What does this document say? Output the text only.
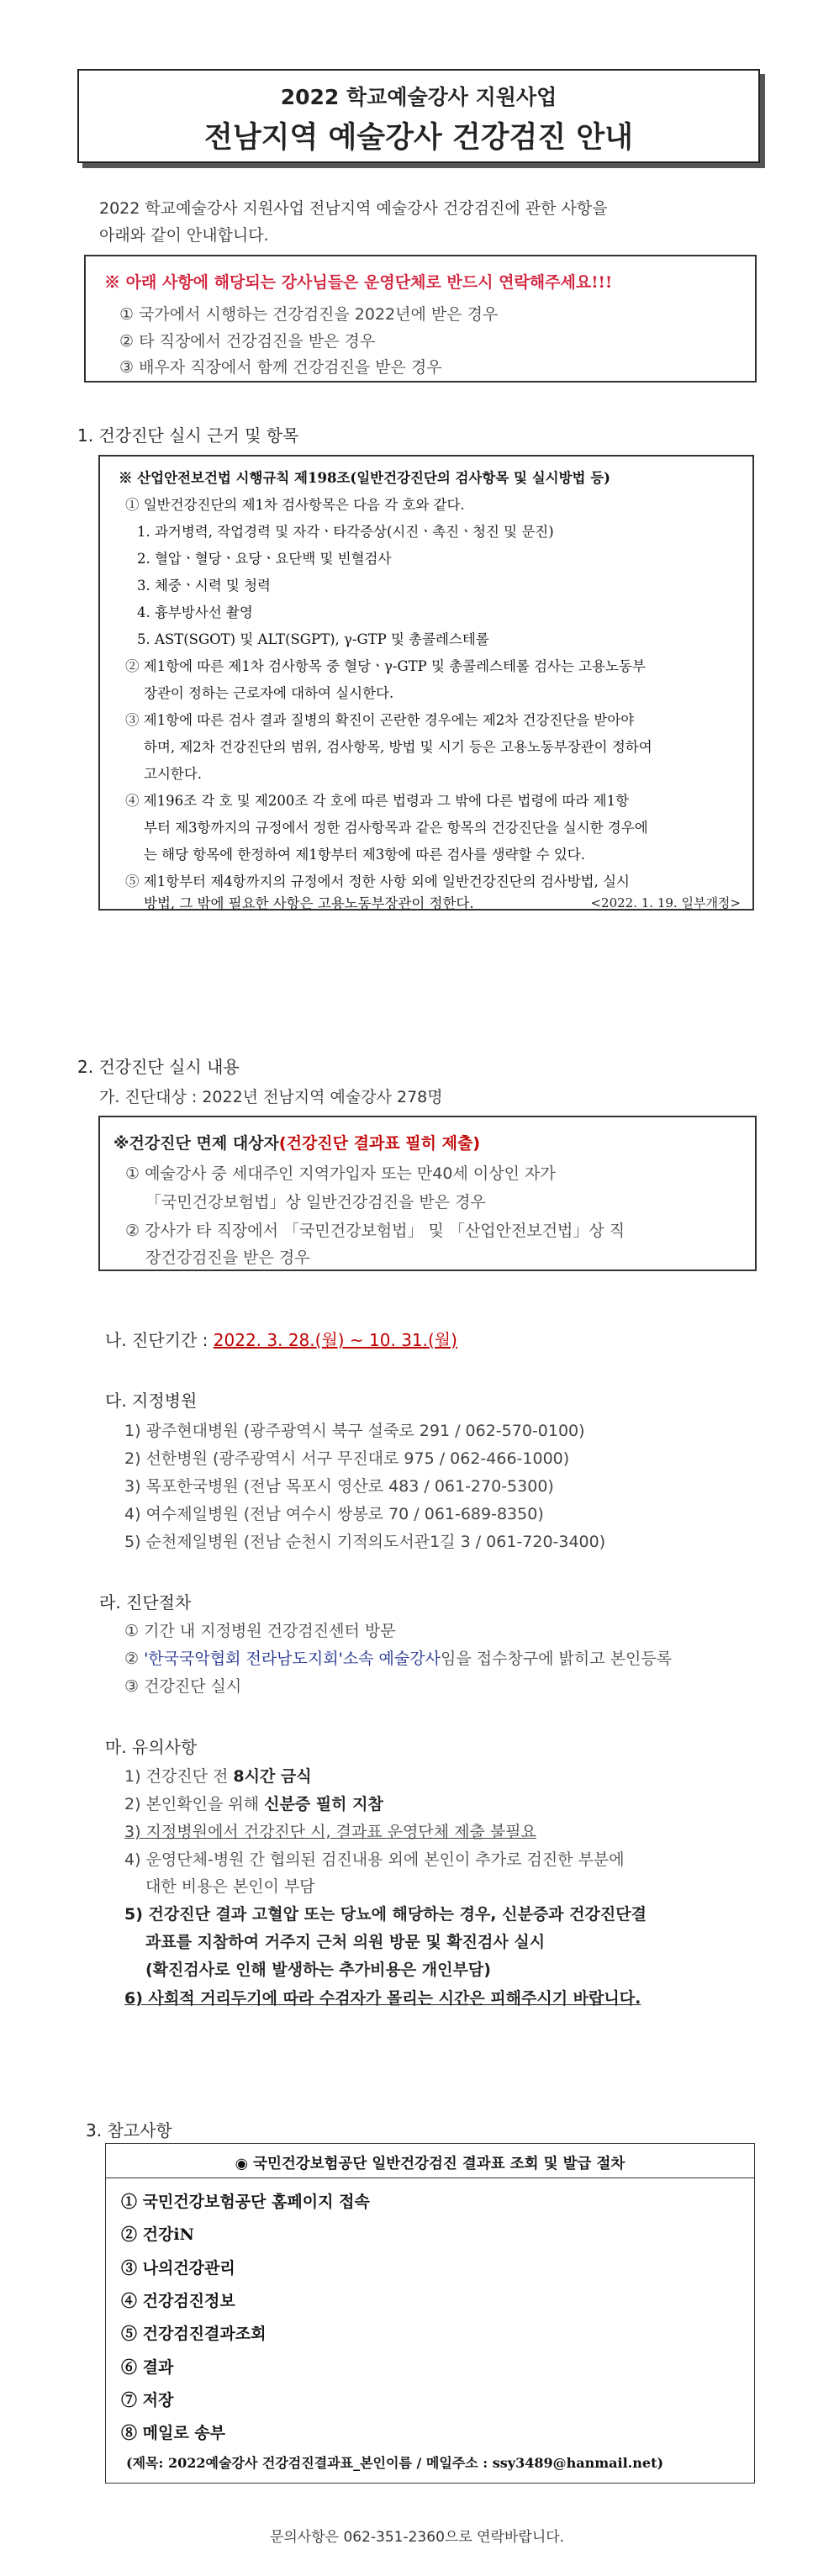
2022 학교예술강사 지원사업
전남지역 예술강사 건강검진 안내
2022 학교예술강사 지원사업 전남지역 예술강사 건강검진에 관한 사항을
아래와 같이 안내합니다.
※ 아래 사항에 해당되는 강사님들은 운영단체로 반드시 연락해주세요!!!
① 국가에서 시행하는 건강검진을 2022년에 받은 경우
② 타 직장에서 건강검진을 받은 경우
③ 배우자 직장에서 함께 건강검진을 받은 경우
1. 건강진단 실시 근거 및 항목
※ 산업안전보건법 시행규칙 제198조(일반건강진단의 검사항목 및 실시방법 등)
① 일반건강진단의 제1차 검사항목은 다음 각 호와 같다.
1. 과거병력, 작업경력 및 자각ㆍ타각증상(시진ㆍ촉진ㆍ청진 및 문진)
2. 혈압ㆍ혈당ㆍ요당ㆍ요단백 및 빈혈검사
3. 체중ㆍ시력 및 청력
4. 흉부방사선 촬영
5. AST(SGOT) 및 ALT(SGPT), γ-GTP 및 총콜레스테롤
② 제1항에 따른 제1차 검사항목 중 혈당ㆍγ-GTP 및 총콜레스테롤 검사는 고용노동부
장관이 정하는 근로자에 대하여 실시한다.
③ 제1항에 따른 검사 결과 질병의 확진이 곤란한 경우에는 제2차 건강진단을 받아야
하며, 제2차 건강진단의 범위, 검사항목, 방법 및 시기 등은 고용노동부장관이 정하여
고시한다.
④ 제196조 각 호 및 제200조 각 호에 따른 법령과 그 밖에 다른 법령에 따라 제1항
부터 제3항까지의 규정에서 정한 검사항목과 같은 항목의 건강진단을 실시한 경우에
는 해당 항목에 한정하여 제1항부터 제3항에 따른 검사를 생략할 수 있다.
⑤ 제1항부터 제4항까지의 규정에서 정한 사항 외에 일반건강진단의 검사방법, 실시
방법, 그 밖에 필요한 사항은 고용노동부장관이 정한다.	<2022. 1. 19. 일부개정>
2. 건강진단 실시 내용
가. 진단대상 : 2022년 전남지역 예술강사 278명
※건강진단 면제 대상자(건강진단 결과표 필히 제출)
① 예술강사 중 세대주인 지역가입자 또는 만40세 이상인 자가
「국민건강보험법」상 일반건강검진을 받은 경우
② 강사가 타 직장에서 「국민건강보험법」 및 「산업안전보건법」상 직
장건강검진을 받은 경우
나. 진단기간 : 2022. 3. 28.(월) ~ 10. 31.(월)
다. 지정병원
1) 광주현대병원 (광주광역시 북구 설죽로 291 / 062-570-0100)
2) 선한병원 (광주광역시 서구 무진대로 975 / 062-466-1000)
3) 목포한국병원 (전남 목포시 영산로 483 / 061-270-5300)
4) 여수제일병원 (전남 여수시 쌍봉로 70 / 061-689-8350)
5) 순천제일병원 (전남 순천시 기적의도서관1길 3 / 061-720-3400)
라. 진단절차
① 기간 내 지정병원 건강검진센터 방문
② '한국국악협회 전라남도지회'소속 예술강사임을 접수창구에 밝히고 본인등록
③ 건강진단 실시
마. 유의사항
1) 건강진단 전 8시간 금식
2) 본인확인을 위해 신분증 필히 지참
3) 지정병원에서 건강진단 시, 결과표 운영단체 제출 불필요
4) 운영단체-병원 간 협의된 검진내용 외에 본인이 추가로 검진한 부분에
대한 비용은 본인이 부담
5) 건강진단 결과 고혈압 또는 당뇨에 해당하는 경우, 신분증과 건강진단결
과표를 지참하여 거주지 근처 의원 방문 및 확진검사 실시
(확진검사로 인해 발생하는 추가비용은 개인부담)
6) 사회적 거리두기에 따라 수검자가 몰리는 시간은 피해주시기 바랍니다.
3. 참고사항
◉ 국민건강보험공단 일반건강검진 결과표 조회 및 발급 절차
① 국민건강보험공단 홈페이지 접속
② 건강iN
③ 나의건강관리
④ 건강검진정보
⑤ 건강검진결과조회
⑥ 결과
⑦ 저장
⑧ 메일로 송부
(제목: 2022예술강사 건강검진결과표_본인이름 / 메일주소 : ssy3489@hanmail.net)
문의사항은 062-351-2360으로 연락바랍니다.
